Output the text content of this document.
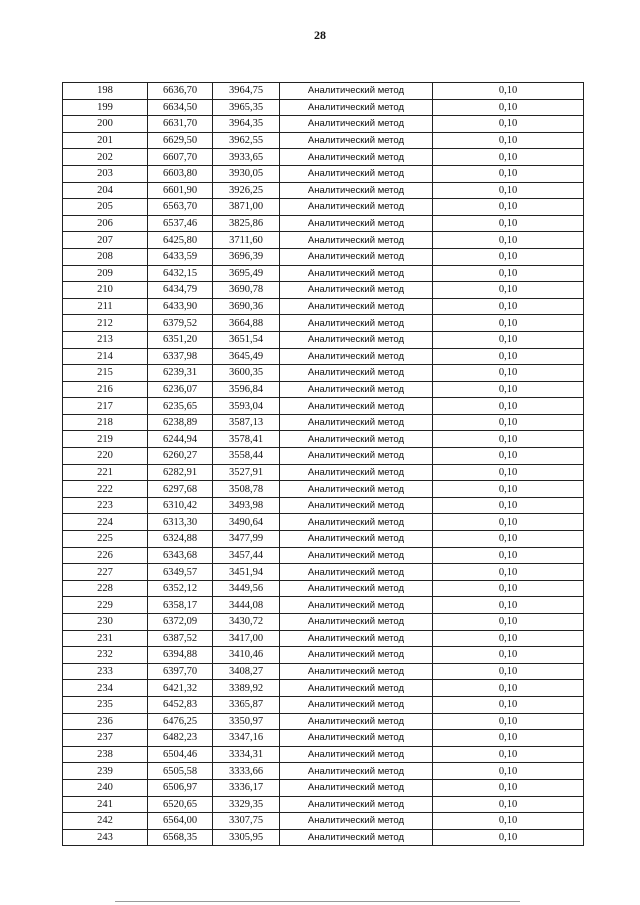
28
198	6636,70	3964,75	Аналитический метод	0,10
199	6634,50	3965,35	Аналитический метод	0,10
200	6631,70	3964,35	Аналитический метод	0,10
201	6629,50	3962,55	Аналитический метод	0,10
202	6607,70	3933,65	Аналитический метод	0,10
203	6603,80	3930,05	Аналитический метод	0,10
204	6601,90	3926,25	Аналитический метод	0,10
205	6563,70	3871,00	Аналитический метод	0,10
206	6537,46	3825,86	Аналитический метод	0,10
207	6425,80	3711,60	Аналитический метод	0,10
208	6433,59	3696,39	Аналитический метод	0,10
209	6432,15	3695,49	Аналитический метод	0,10
210	6434,79	3690,78	Аналитический метод	0,10
211	6433,90	3690,36	Аналитический метод	0,10
212	6379,52	3664,88	Аналитический метод	0,10
213	6351,20	3651,54	Аналитический метод	0,10
214	6337,98	3645,49	Аналитический метод	0,10
215	6239,31	3600,35	Аналитический метод	0,10
216	6236,07	3596,84	Аналитический метод	0,10
217	6235,65	3593,04	Аналитический метод	0,10
218	6238,89	3587,13	Аналитический метод	0,10
219	6244,94	3578,41	Аналитический метод	0,10
220	6260,27	3558,44	Аналитический метод	0,10
221	6282,91	3527,91	Аналитический метод	0,10
222	6297,68	3508,78	Аналитический метод	0,10
223	6310,42	3493,98	Аналитический метод	0,10
224	6313,30	3490,64	Аналитический метод	0,10
225	6324,88	3477,99	Аналитический метод	0,10
226	6343,68	3457,44	Аналитический метод	0,10
227	6349,57	3451,94	Аналитический метод	0,10
228	6352,12	3449,56	Аналитический метод	0,10
229	6358,17	3444,08	Аналитический метод	0,10
230	6372,09	3430,72	Аналитический метод	0,10
231	6387,52	3417,00	Аналитический метод	0,10
232	6394,88	3410,46	Аналитический метод	0,10
233	6397,70	3408,27	Аналитический метод	0,10
234	6421,32	3389,92	Аналитический метод	0,10
235	6452,83	3365,87	Аналитический метод	0,10
236	6476,25	3350,97	Аналитический метод	0,10
237	6482,23	3347,16	Аналитический метод	0,10
238	6504,46	3334,31	Аналитический метод	0,10
239	6505,58	3333,66	Аналитический метод	0,10
240	6506,97	3336,17	Аналитический метод	0,10
241	6520,65	3329,35	Аналитический метод	0,10
242	6564,00	3307,75	Аналитический метод	0,10
243	6568,35	3305,95	Аналитический метод	0,10
